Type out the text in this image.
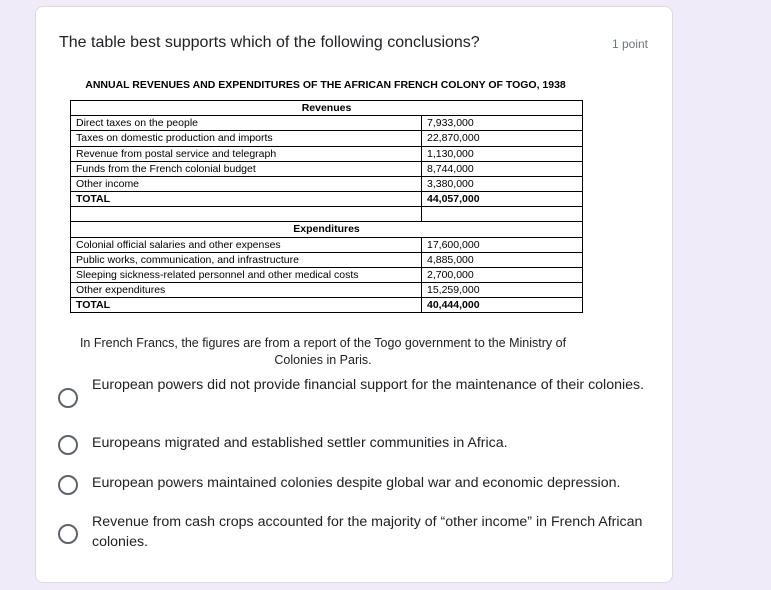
The table best supports which of the following conclusions?	1 point
ANNUAL REVENUES AND EXPENDITURES OF THE AFRICAN FRENCH COLONY OF TOGO, 1938
Revenues	
Direct taxes on the people	7,933,000
Taxes on domestic production and imports	22,870,000
Revenue from postal service and telegraph	1,130,000
Funds from the French colonial budget	8,744,000
Other income	3,380,000
TOTAL	44,057,000

Expenditures	
Colonial official salaries and other expenses	17,600,000
Public works, communication, and infrastructure	4,885,000
Sleeping sickness-related personnel and other medical costs	2,700,000
Other expenditures	15,259,000
TOTAL	40,444,000
In French Francs, the figures are from a report of the Togo government to the Ministry of Colonies in Paris.
European powers did not provide financial support for the maintenance of their colonies.
Europeans migrated and established settler communities in Africa.
European powers maintained colonies despite global war and economic depression.
Revenue from cash crops accounted for the majority of “other income” in French African colonies.
